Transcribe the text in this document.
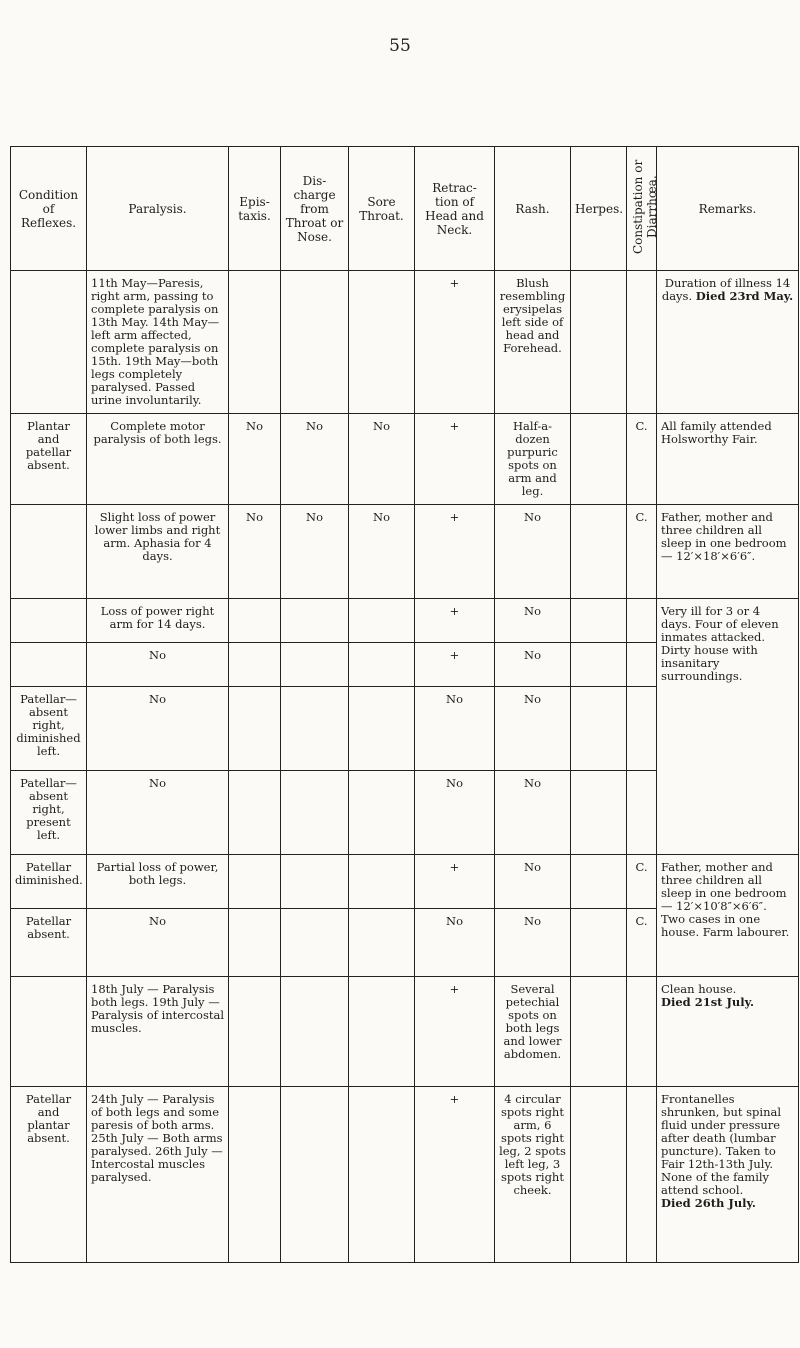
55
Condition of Reflexes.	Paralysis.	Epis- taxis.	Dis- charge from Throat or Nose.	Sore Throat.	Retrac- tion of Head and Neck.	Rash.	Herpes.	Constipation or Diarrhœa.	Remarks.
	11th May—Paresis, right arm, passing to complete paralysis on 13th May. 14th May—left arm affected, complete paralysis on 15th. 19th May—both legs completely paralysed. Passed urine involuntarily.				+	Blush resembling erysipelas left side of head and Forehead.			Duration of illness 14 days. Died 23rd May.
Plantar and patellar absent.	Complete motor paralysis of both legs.	No	No	No	+	Half-a-dozen purpuric spots on arm and leg.		C.	All family attended Holsworthy Fair.
	Slight loss of power lower limbs and right arm. Aphasia for 4 days.	No	No	No	+	No		C.	Father, mother and three children all sleep in one bedroom— 12′×18′×6′6″.
	Loss of power right arm for 14 days.				+	No			Very ill for 3 or 4 days. Four of eleven inmates attacked. Dirty house with insanitary surroundings.
	No				+	No			
Patellar— absent right, diminished left.	No				No	No			
Patellar— absent right, present left.	No				No	No			
Patellar diminished.	Partial loss of power, both legs.				+	No		C.	Father, mother and three children all sleep in one bedroom— 12′×10′8″×6′6″. Two cases in one house. Farm labourer.
Patellar absent.	No				No	No		C.	
	18th July — Paralysis both legs. 19th July — Paralysis of intercostal muscles.				+	Several petechial spots on both legs and lower abdomen.			Clean house.
Died 21st July.
Patellar and plantar absent.	24th July — Paralysis of both legs and some paresis of both arms. 25th July — Both arms paralysed. 26th July — Intercostal muscles paralysed.				+	4 circular spots right arm, 6 spots right leg, 2 spots left leg, 3 spots right cheek.			Frontanelles shrunken, but spinal fluid under pressure after death (lumbar puncture). Taken to Fair 12th-13th July. None of the family attend school.
Died 26th July.
